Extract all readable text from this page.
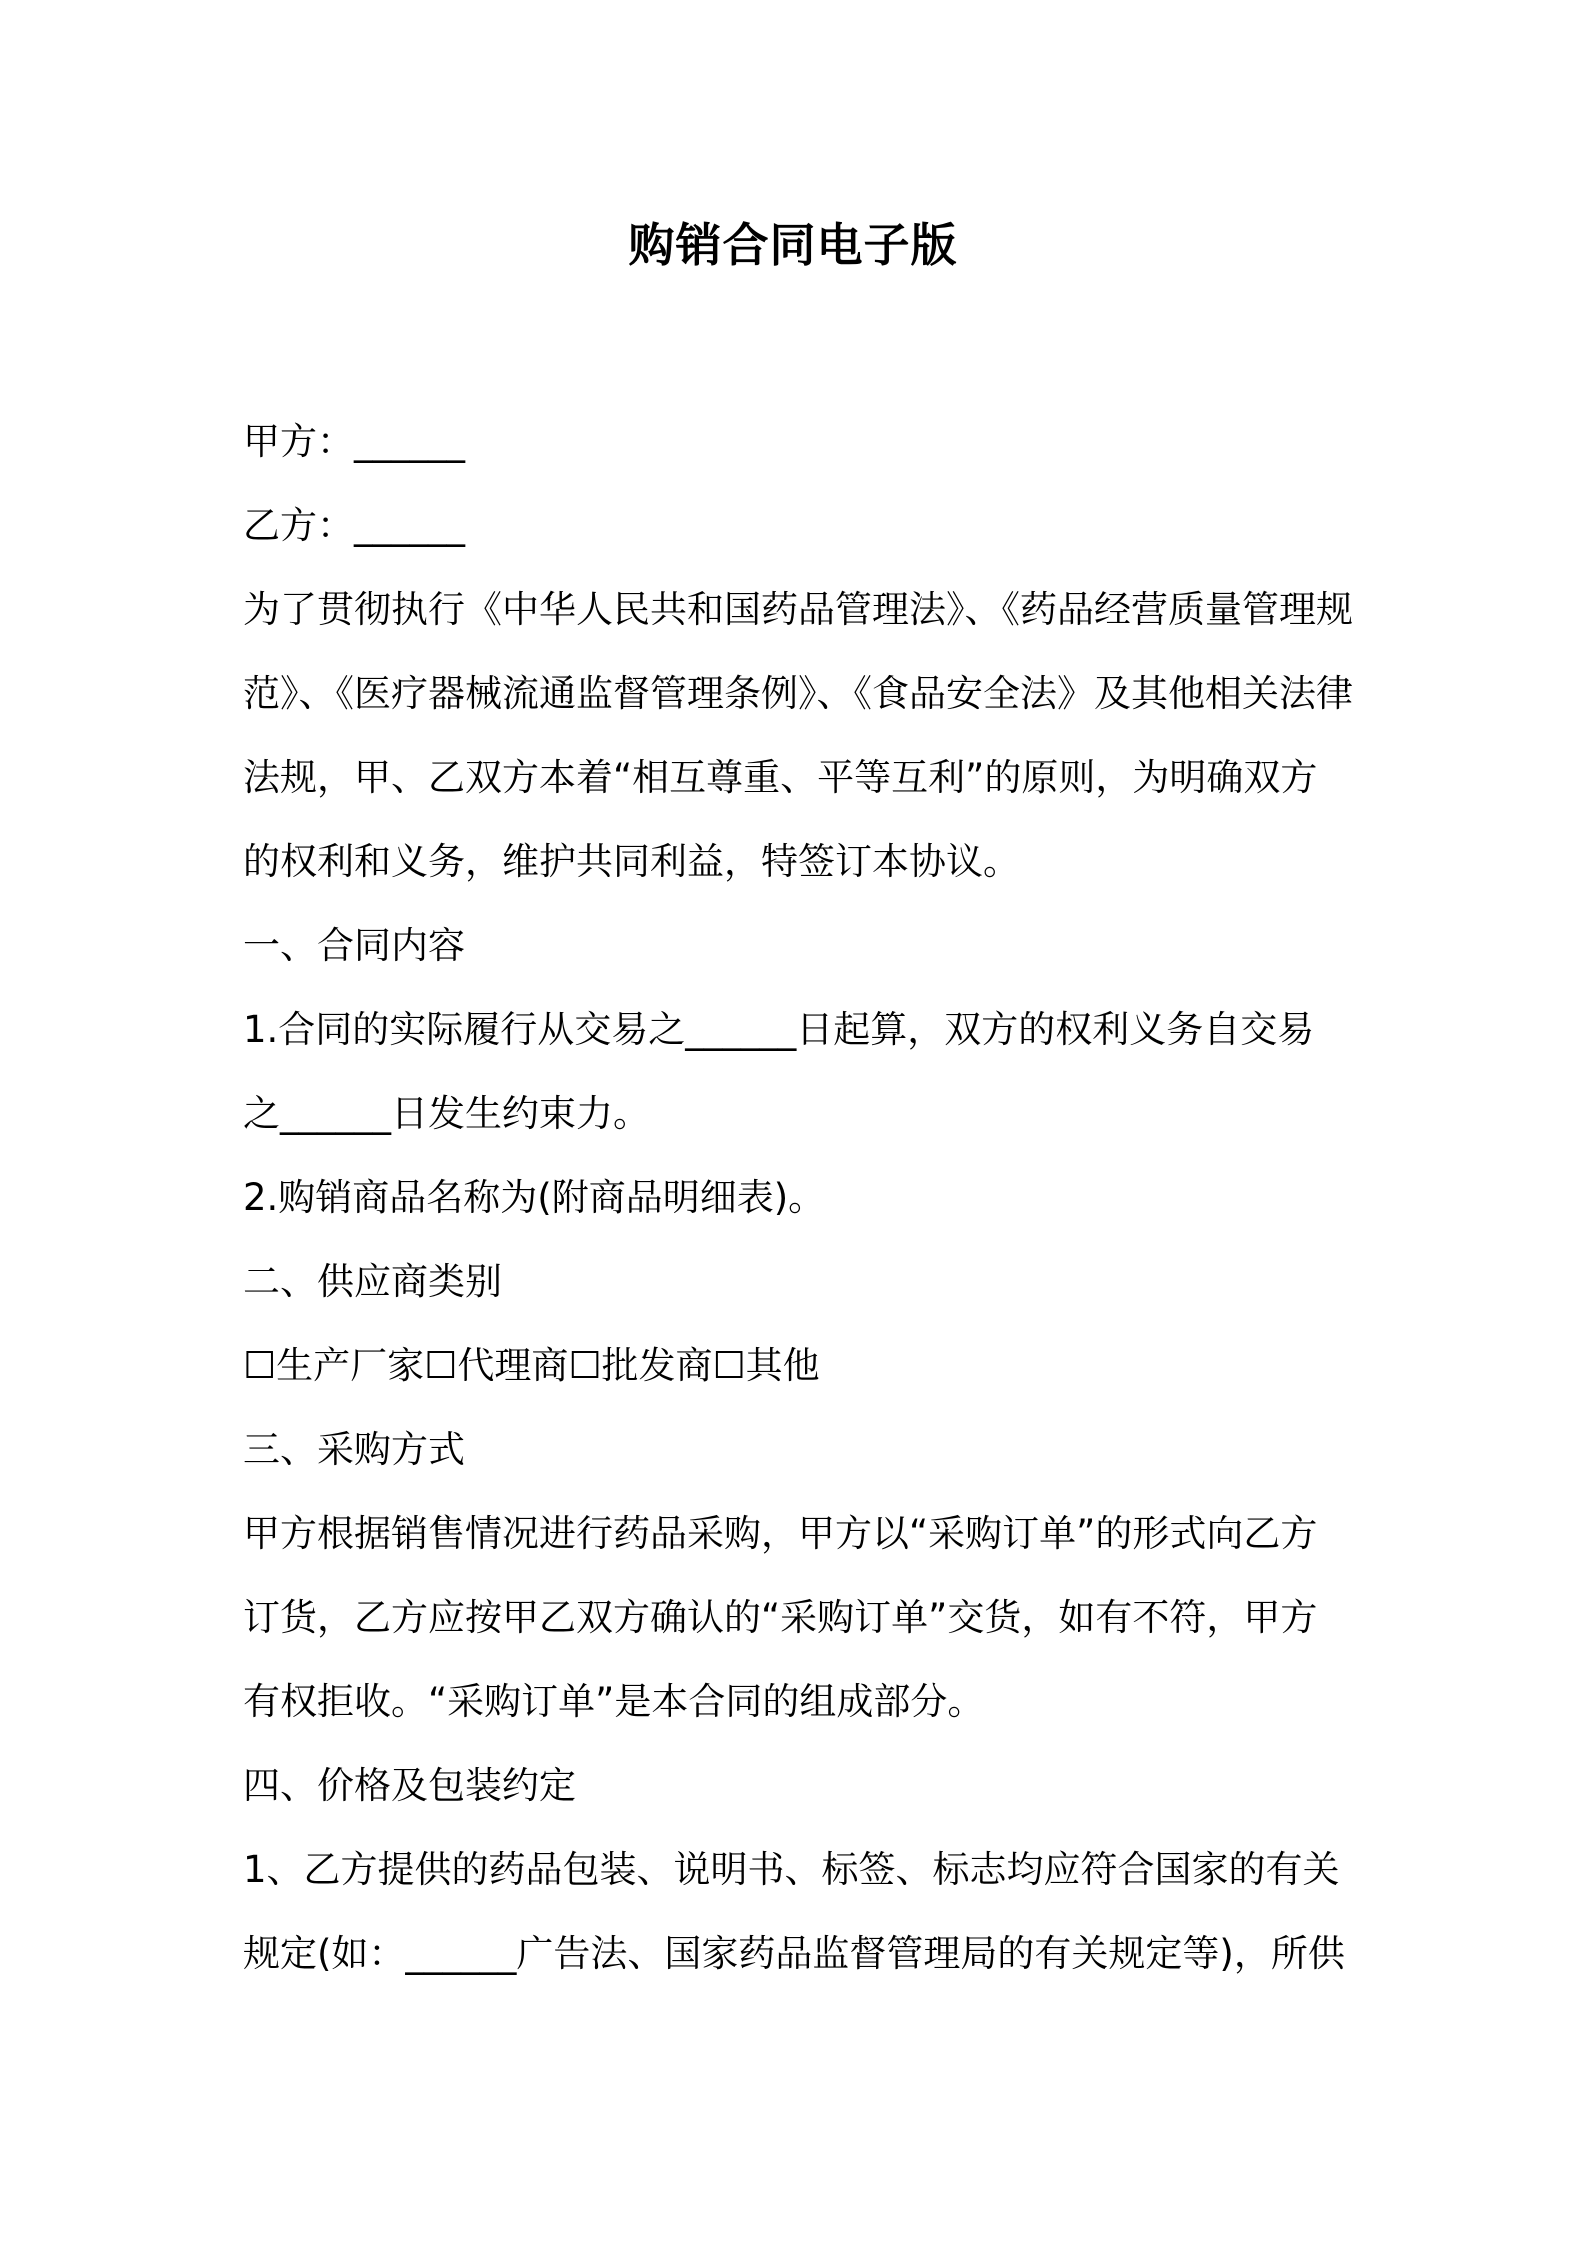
购销合同电子版
甲方：______
乙方：______
为了贯彻执行《中华人民共和国药品管理法》、《药品经营质量管理规
范》、《医疗器械流通监督管理条例》、《食品安全法》及其他相关法律
法规，甲、乙双方本着“相互尊重、平等互利”的原则，为明确双方
的权利和义务，维护共同利益，特签订本协议。
一、合同内容
1.合同的实际履行从交易之______日起算，双方的权利义务自交易
之______日发生约束力。
2.购销商品名称为(附商品明细表)。
二、供应商类别
☐生产厂家☐代理商☐批发商☐其他
三、采购方式
甲方根据销售情况进行药品采购，甲方以“采购订单”的形式向乙方
订货，乙方应按甲乙双方确认的“采购订单”交货，如有不符，甲方
有权拒收。“采购订单”是本合同的组成部分。
四、价格及包装约定
1、乙方提供的药品包装、说明书、标签、标志均应符合国家的有关
规定(如：______广告法、国家药品监督管理局的有关规定等)，所供
